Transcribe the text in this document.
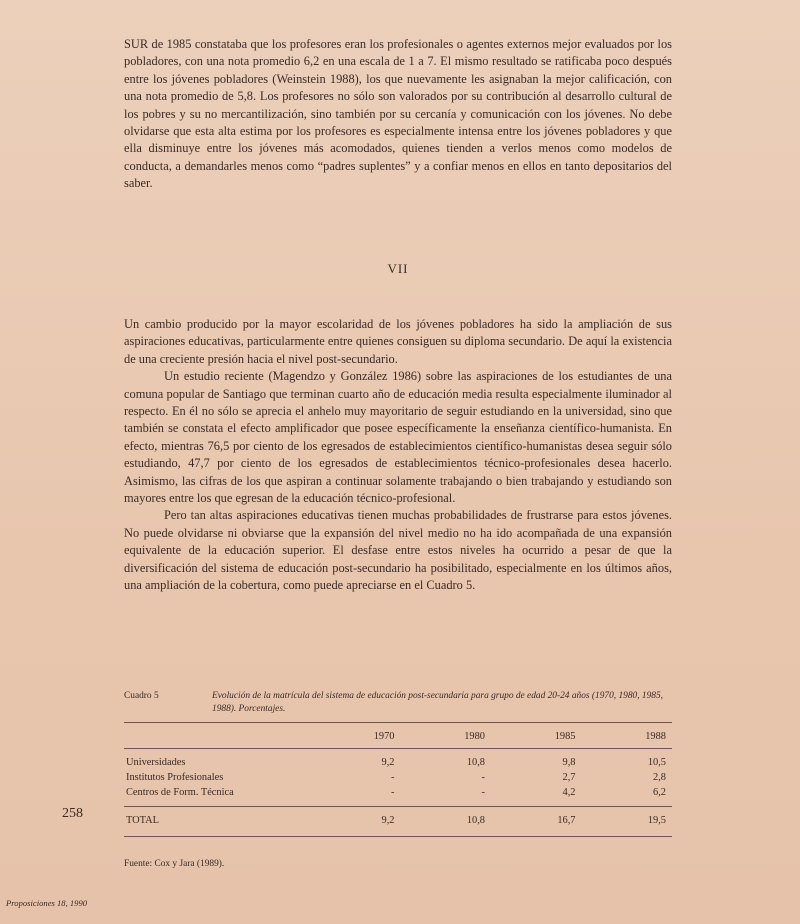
SUR de 1985 constataba que los profesores eran los profesionales o agentes externos mejor evaluados por los pobladores, con una nota promedio 6,2 en una escala de 1 a 7. El mismo resultado se ratificaba poco después entre los jóvenes pobladores (Weinstein 1988), los que nuevamente les asignaban la mejor calificación, con una nota promedio de 5,8. Los profesores no sólo son valorados por su contribución al desarrollo cultural de los pobres y su no mercantilización, sino también por su cercanía y comunicación con los jóvenes. No debe olvidarse que esta alta estima por los profesores es especialmente intensa entre los jóvenes pobladores y que ella disminuye entre los jóvenes más acomodados, quienes tienden a verlos menos como modelos de conducta, a demandarles menos como “padres suplentes” y a confiar menos en ellos en tanto depositarios del saber.

VII

Un cambio producido por la mayor escolaridad de los jóvenes pobladores ha sido la ampliación de sus aspiraciones educativas, particularmente entre quienes consiguen su diploma secundario. De aquí la existencia de una creciente presión hacia el nivel post-secundario.

Un estudio reciente (Magendzo y González 1986) sobre las aspiraciones de los estudiantes de una comuna popular de Santiago que terminan cuarto año de educación media resulta especialmente iluminador al respecto. En él no sólo se aprecia el anhelo muy mayoritario de seguir estudiando en la universidad, sino que también se constata el efecto amplificador que posee específicamente la enseñanza científico-humanista. En efecto, mientras 76,5 por ciento de los egresados de establecimientos científico-humanistas desea seguir sólo estudiando, 47,7 por ciento de los egresados de establecimientos técnico-profesionales desea hacerlo. Asimismo, las cifras de los que aspiran a continuar solamente trabajando o bien trabajando y estudiando son mayores entre los que egresan de la educación técnico-profesional.

Pero tan altas aspiraciones educativas tienen muchas probabilidades de frustrarse para estos jóvenes. No puede olvidarse ni obviarse que la expansión del nivel medio no ha ido acompañada de una expansión equivalente de la educación superior. El desfase entre estos niveles ha ocurrido a pesar de que la diversificación del sistema de educación post-secundario ha posibilitado, especialmente en los últimos años, una ampliación de la cobertura, como puede apreciarse en el Cuadro 5.

Cuadro 5	Evolución de la matrícula del sistema de educación post-secundaria para grupo de edad 20-24 años (1970, 1980, 1985, 1988). Porcentajes.
	1970	1980	1985	1988
Universidades	9,2	10,8	9,8	10,5
Institutos Profesionales	-	-	2,7	2,8
Centros de Form. Técnica	-	-	4,2	6,2
TOTAL	9,2	10,8	16,7	19,5
Fuente: Cox y Jara (1989).
258
Proposiciones 18, 1990
